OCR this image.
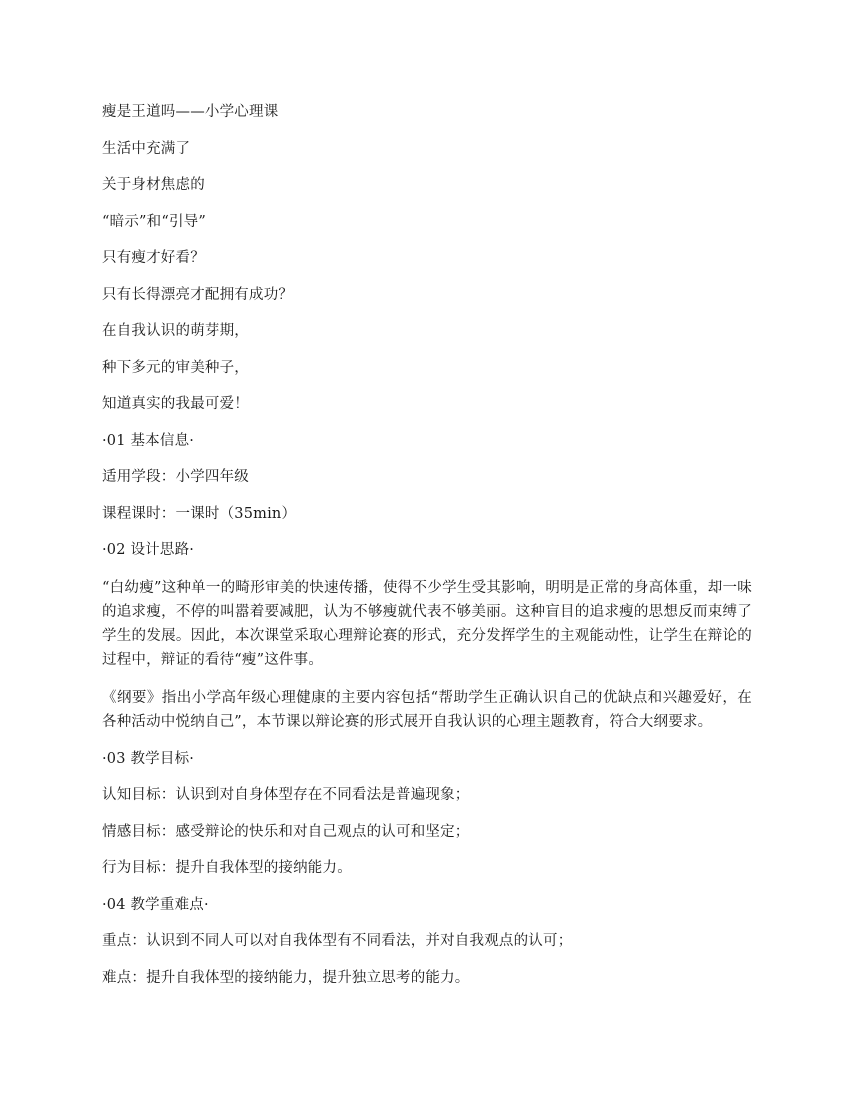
瘦是王道吗——小学心理课

生活中充满了

关于身材焦虑的

“暗示”和“引导”

只有瘦才好看？

只有长得漂亮才配拥有成功？

在自我认识的萌芽期，

种下多元的审美种子，

知道真实的我最可爱！

·01 基本信息·

适用学段：小学四年级

课程课时：一课时（35min）

·02 设计思路·

“白幼瘦”这种单一的畸形审美的快速传播，使得不少学生受其影响，明明是正常的身高体重，却一味的追求瘦，不停的叫嚣着要减肥，认为不够瘦就代表不够美丽。这种盲目的追求瘦的思想反而束缚了学生的发展。因此，本次课堂采取心理辩论赛的形式，充分发挥学生的主观能动性，让学生在辩论的过程中，辩证的看待“瘦”这件事。

《纲要》指出小学高年级心理健康的主要内容包括“帮助学生正确认识自己的优缺点和兴趣爱好，在各种活动中悦纳自己”，本节课以辩论赛的形式展开自我认识的心理主题教育，符合大纲要求。

·03 教学目标·

认知目标：认识到对自身体型存在不同看法是普遍现象；

情感目标：感受辩论的快乐和对自己观点的认可和坚定；

行为目标：提升自我体型的接纳能力。

·04 教学重难点·

重点：认识到不同人可以对自我体型有不同看法，并对自我观点的认可；

难点：提升自我体型的接纳能力，提升独立思考的能力。
